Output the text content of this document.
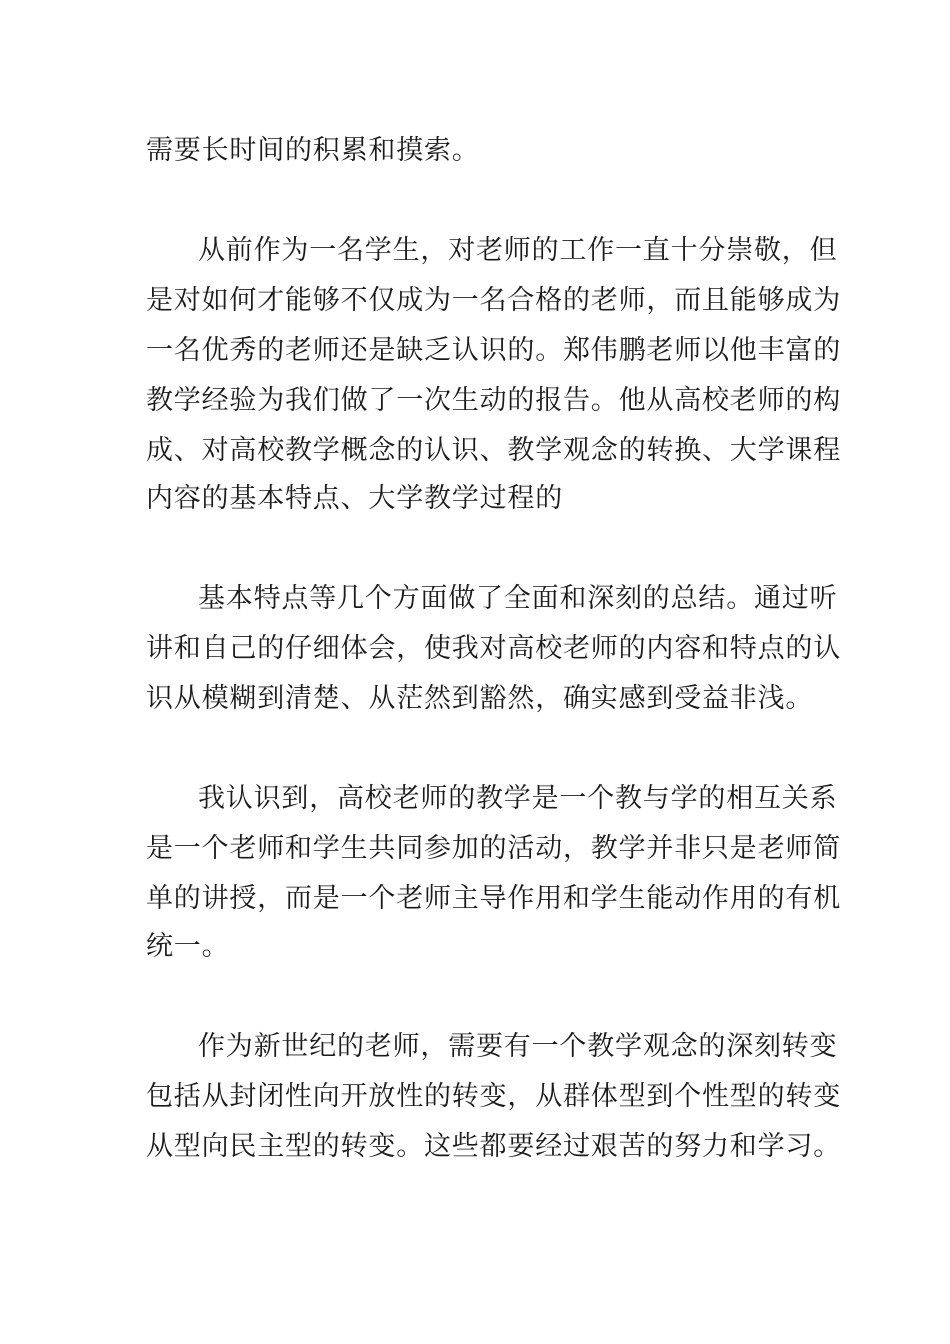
需要长时间的积累和摸索。
从前作为一名学生，对老师的工作一直十分崇敬，但
是对如何才能够不仅成为一名合格的老师，而且能够成为
一名优秀的老师还是缺乏认识的。郑伟鹏老师以他丰富的
教学经验为我们做了一次生动的报告。他从高校老师的构
成、对高校教学概念的认识、教学观念的转换、大学课程
内容的基本特点、大学教学过程的
基本特点等几个方面做了全面和深刻的总结。通过听
讲和自己的仔细体会，使我对高校老师的内容和特点的认
识从模糊到清楚、从茫然到豁然，确实感到受益非浅。
我认识到，高校老师的教学是一个教与学的相互关系
是一个老师和学生共同参加的活动，教学并非只是老师简
单的讲授，而是一个老师主导作用和学生能动作用的有机
统一。
作为新世纪的老师，需要有一个教学观念的深刻转变
包括从封闭性向开放性的转变，从群体型到个性型的转变
从型向民主型的转变。这些都要经过艰苦的努力和学习。
